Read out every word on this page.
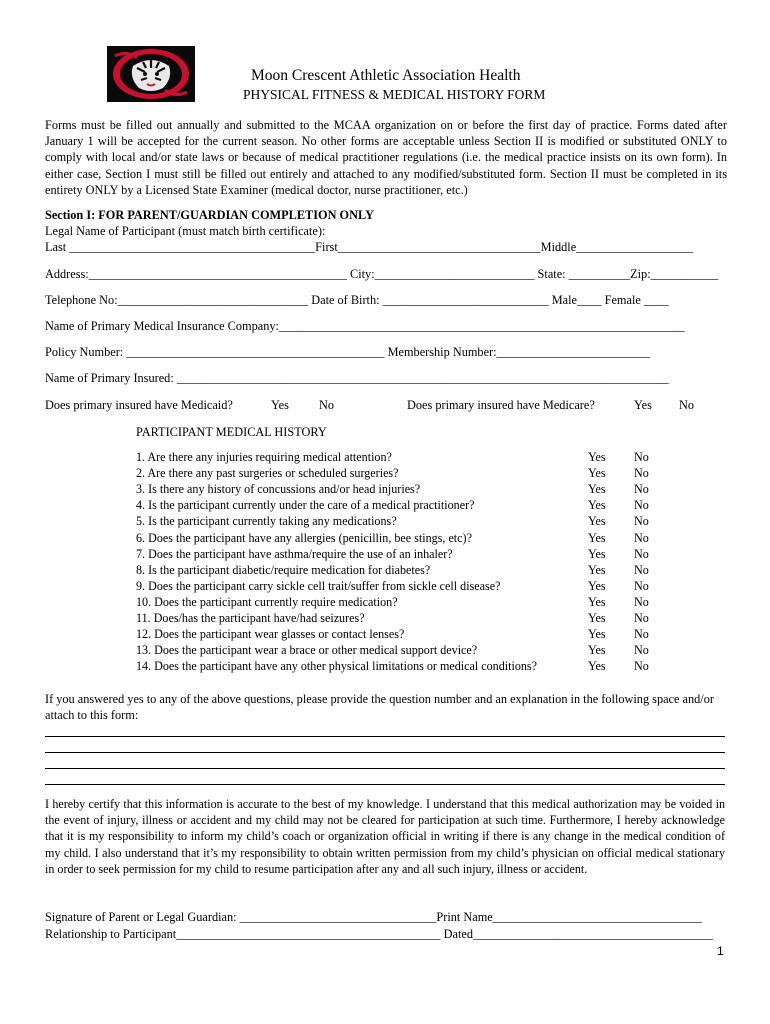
Moon Crescent Athletic Association Health
PHYSICAL FITNESS & MEDICAL HISTORY FORM
Forms must be filled out annually and submitted to the MCAA organization on or before the first day of practice. Forms dated after January 1 will be accepted for the current season. No other forms are acceptable unless Section II is modified or substituted ONLY to comply with local and/or state laws or because of medical practitioner regulations (i.e. the medical practice insists on its own form). In either case, Section I must still be filled out entirely and attached to any modified/substituted form. Section II must be completed in its entirety ONLY by a Licensed State Examiner (medical doctor, nurse practitioner, etc.)
Section I: FOR PARENT/GUARDIAN COMPLETION ONLY
Legal Name of Participant (must match birth certificate):
Last ________________________________________First_________________________________Middle___________________
Address:__________________________________________ City:__________________________ State: __________Zip:___________
Telephone No:_______________________________ Date of Birth: ___________________________ Male____ Female ____
Name of Primary Medical Insurance Company:__________________________________________________________________
Policy Number: __________________________________________ Membership Number:_________________________
Name of Primary Insured: ________________________________________________________________________________
Does primary insured have Medicaid?	Yes No	Does primary insured have Medicare?	Yes No
PARTICIPANT MEDICAL HISTORY
1. Are there any injuries requiring medical attention?	Yes No
2. Are there any past surgeries or scheduled surgeries?	Yes No
3. Is there any history of concussions and/or head injuries?	Yes No
4. Is the participant currently under the care of a medical practitioner?	Yes No
5. Is the participant currently taking any medications?	Yes No
6. Does the participant have any allergies (penicillin, bee stings, etc)?	Yes No
7. Does the participant have asthma/require the use of an inhaler?	Yes No
8. Is the participant diabetic/require medication for diabetes?	Yes No
9. Does the participant carry sickle cell trait/suffer from sickle cell disease?	Yes No
10. Does the participant currently require medication?	Yes No
11. Does/has the participant have/had seizures?	Yes No
12. Does the participant wear glasses or contact lenses?	Yes No
13. Does the participant wear a brace or other medical support device?	Yes No
14. Does the participant have any other physical limitations or medical conditions?	Yes No
If you answered yes to any of the above questions, please provide the question number and an explanation in the following space and/or attach to this form:
I hereby certify that this information is accurate to the best of my knowledge. I understand that this medical authorization may be voided in the event of injury, illness or accident and my child may not be cleared for participation at such time. Furthermore, I hereby acknowledge that it is my responsibility to inform my child’s coach or organization official in writing if there is any change in the medical condition of my child. I also understand that it’s my responsibility to obtain written permission from my child’s physician on official medical stationary in order to seek permission for my child to resume participation after any and all such injury, illness or accident.
Signature of Parent or Legal Guardian: ________________________________Print Name__________________________________
Relationship to Participant___________________________________________ Dated_______________________________________
1
